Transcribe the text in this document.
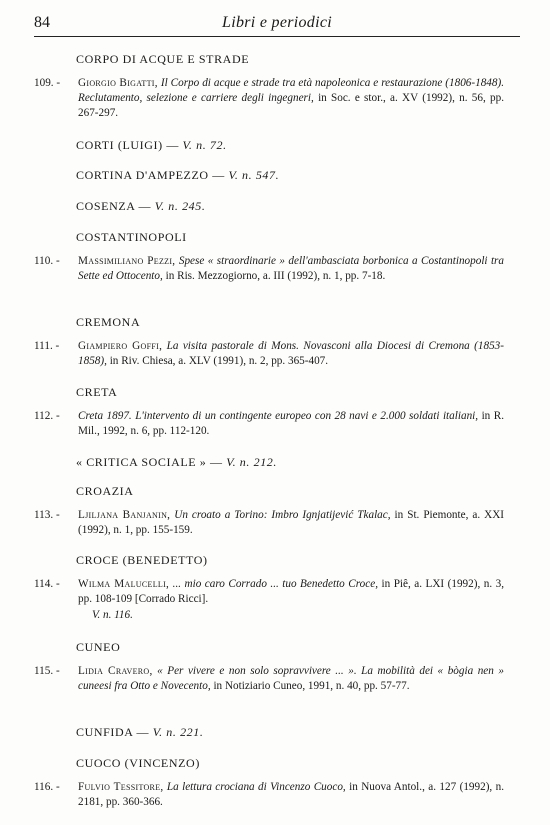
84	Libri e periodici
CORPO DI ACQUE E STRADE
109. - Giorgio Bigatti, Il Corpo di acque e strade tra età napoleonica e restaurazione (1806-1848). Reclutamento, selezione e carriere degli ingegneri, in Soc. e stor., a. XV (1992), n. 56, pp. 267-297.
CORTI (LUIGI) — V. n. 72.
CORTINA D'AMPEZZO — V. n. 547.
COSENZA — V. n. 245.
COSTANTINOPOLI
110. - Massimiliano Pezzi, Spese « straordinarie » dell'ambasciata borbonica a Costantinopoli tra Sette ed Ottocento, in Ris. Mezzogiorno, a. III (1992), n. 1, pp. 7-18.
CREMONA
111. - Giampiero Goffi, La visita pastorale di Mons. Novasconi alla Diocesi di Cremona (1853-1858), in Riv. Chiesa, a. XLV (1991), n. 2, pp. 365-407.
CRETA
112. - Creta 1897. L'intervento di un contingente europeo con 28 navi e 2.000 soldati italiani, in R. Mil., 1992, n. 6, pp. 112-120.
« CRITICA SOCIALE » — V. n. 212.
CROAZIA
113. - Ljiljana Banjanin, Un croato a Torino: Imbro Ignjatijević Tkalac, in St. Piemonte, a. XXI (1992), n. 1, pp. 155-159.
CROCE (BENEDETTO)
114. - Wilma Malucelli, ... mio caro Corrado ... tuo Benedetto Croce, in Piê, a. LXI (1992), n. 3, pp. 108-109 [Corrado Ricci].
V. n. 116.
CUNEO
115. - Lidia Cravero, « Per vivere e non solo sopravvivere ... ». La mobilità dei « bògia nen » cuneesi fra Otto e Novecento, in Notiziario Cuneo, 1991, n. 40, pp. 57-77.
CUNFIDA — V. n. 221.
CUOCO (VINCENZO)
116. - Fulvio Tessitore, La lettura crociana di Vincenzo Cuoco, in Nuova Antol., a. 127 (1992), n. 2181, pp. 360-366.
